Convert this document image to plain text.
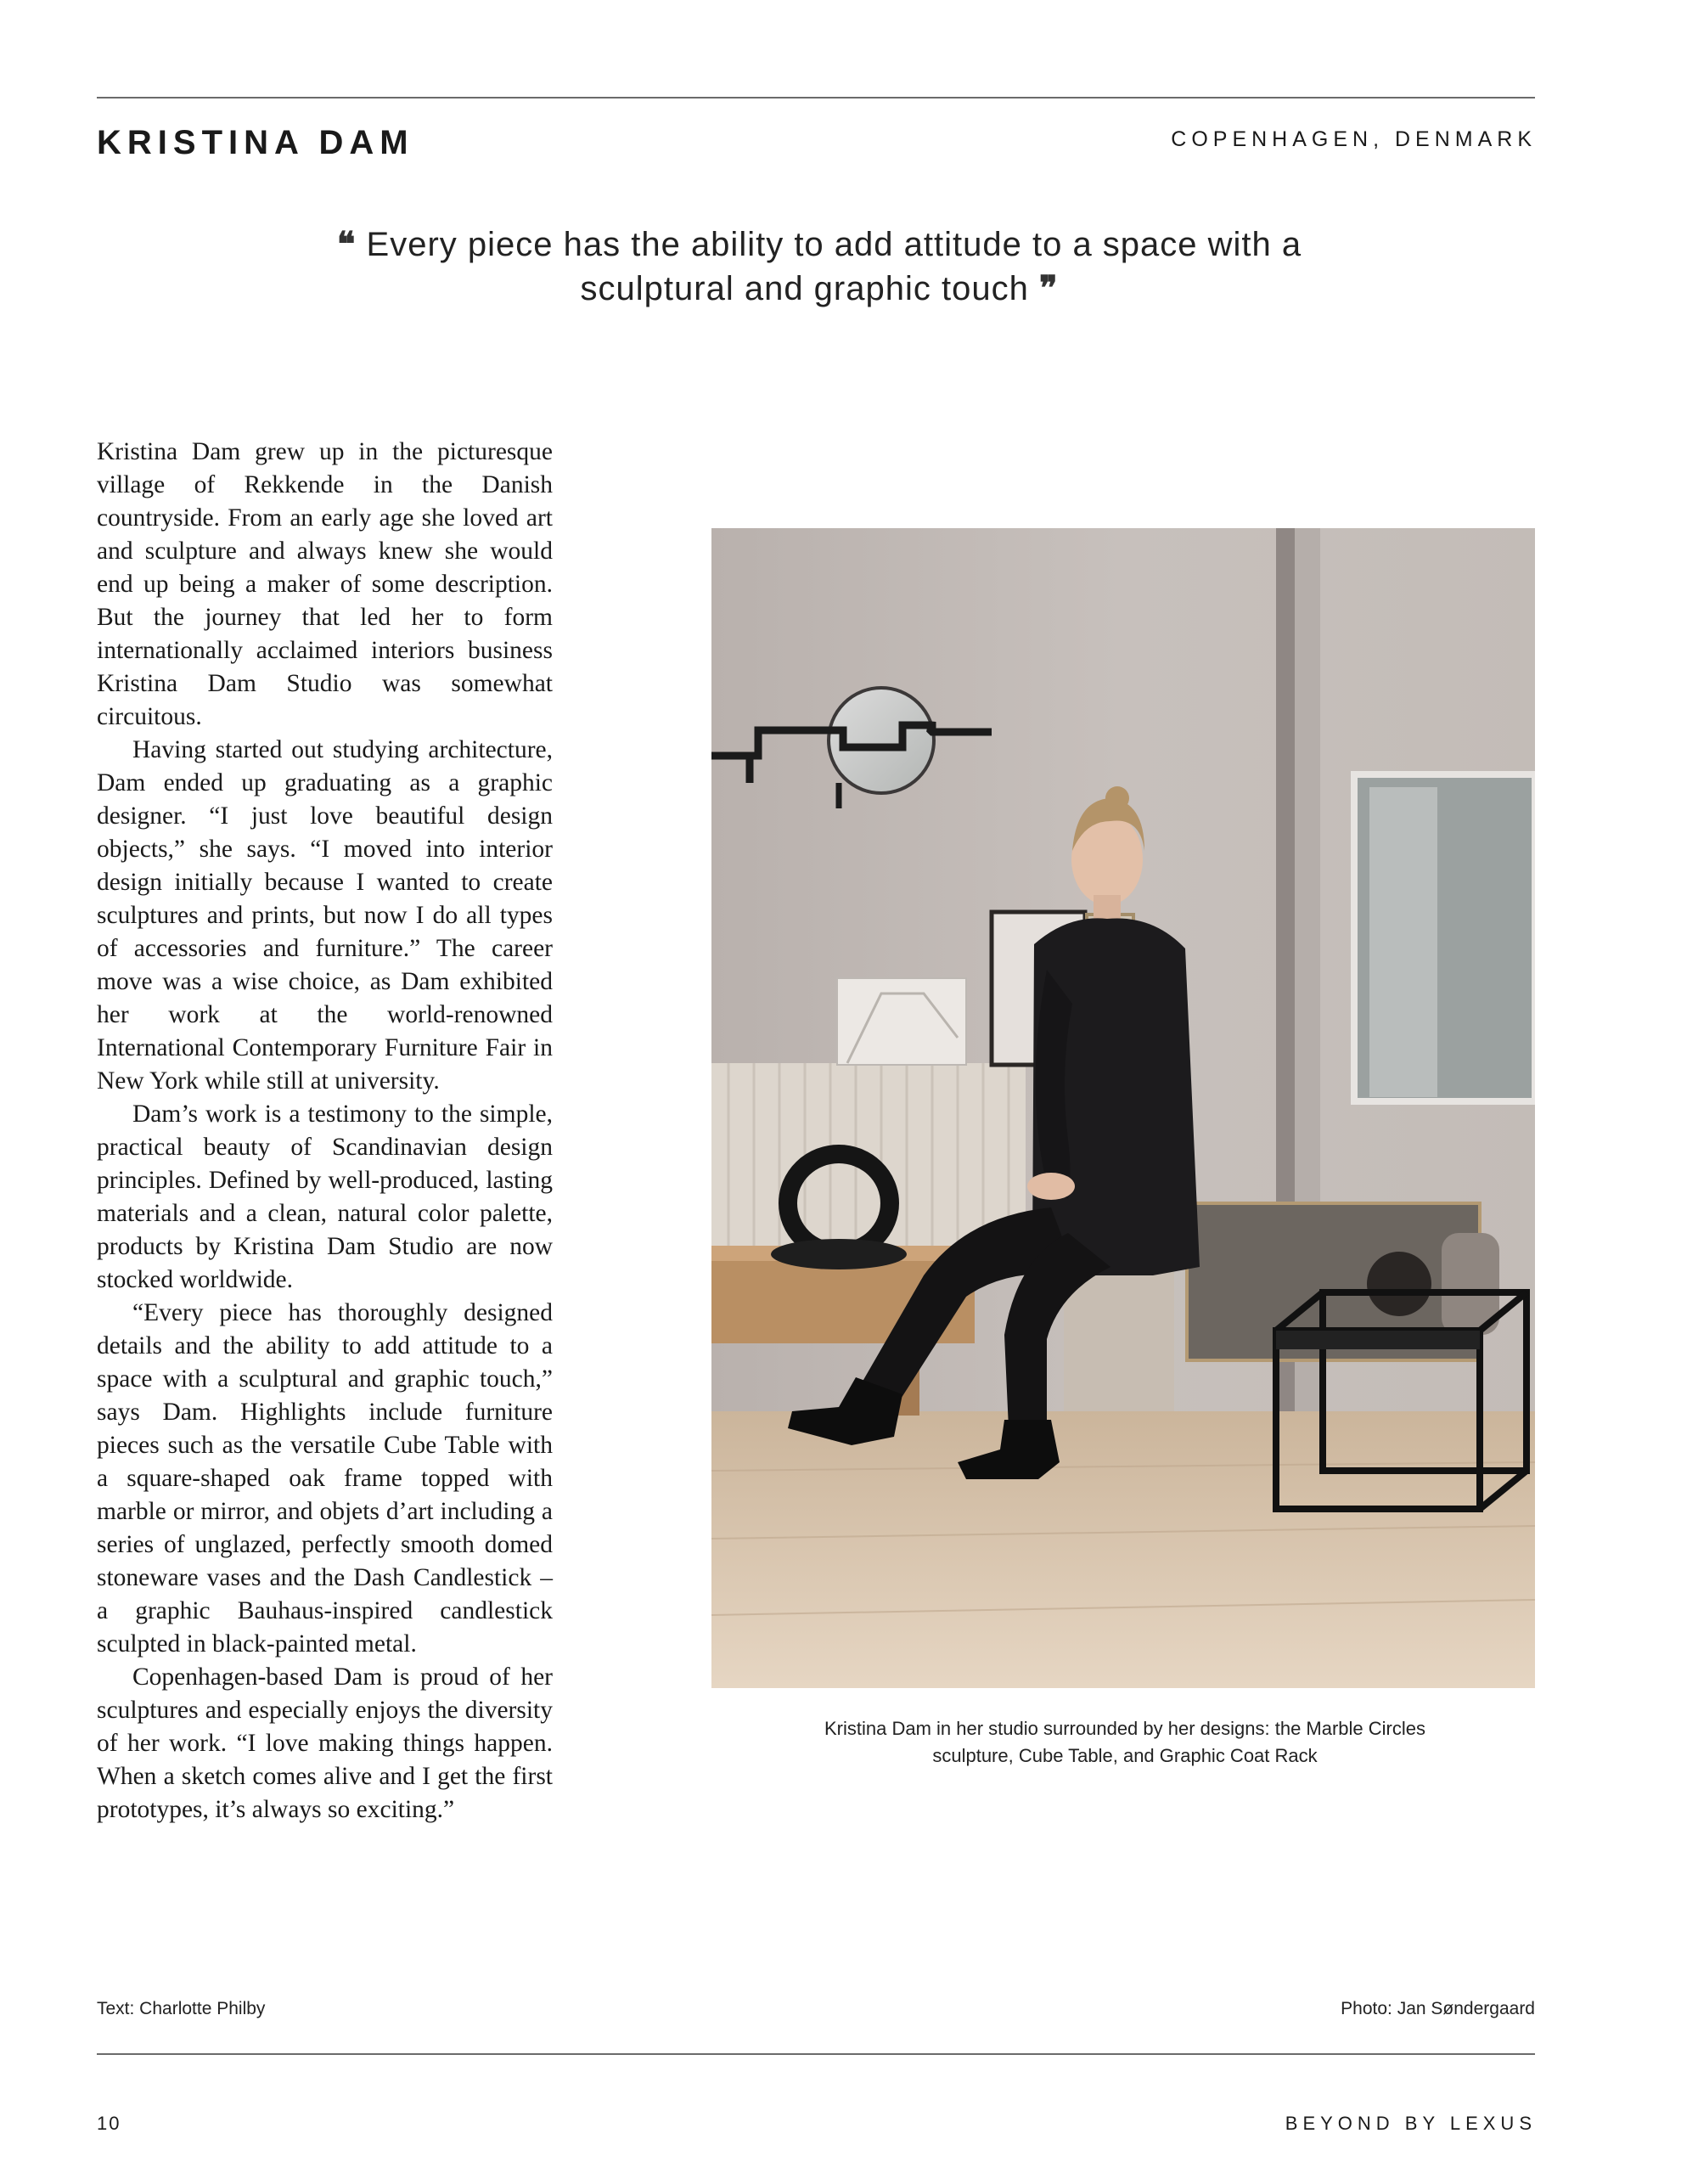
KRISTINA DAM	COPENHAGEN, DENMARK
❝ Every piece has the ability to add attitude to a space with a
sculptural and graphic touch ❞

Kristina Dam grew up in the picturesque village of Rekkende in the Danish countryside. From an early age she loved art and sculpture and always knew she would end up being a maker of some description. But the journey that led her to form internationally acclaimed interiors business Kristina Dam Studio was somewhat circuitous.

Having started out studying architecture, Dam ended up graduating as a graphic designer. “I just love beautiful design objects,” she says. “I moved into interior design initially because I wanted to create sculptures and prints, but now I do all types of accessories and furniture.” The career move was a wise choice, as Dam exhibited her work at the world-renowned International Contemporary Furniture Fair in New York while still at university.

Dam’s work is a testimony to the simple, practical beauty of Scandinavian design principles. Defined by well-produced, lasting materials and a clean, natural color palette, products by Kristina Dam Studio are now stocked worldwide.

“Every piece has thoroughly designed details and the ability to add attitude to a space with a sculptural and graphic touch,” says Dam. Highlights include furniture pieces such as the versatile Cube Table with a square-shaped oak frame topped with marble or mirror, and objets d’art including a series of unglazed, perfectly smooth domed stoneware vases and the Dash Candlestick – a graphic Bauhaus-inspired candlestick sculpted in black-painted metal.

Copenhagen-based Dam is proud of her sculptures and especially enjoys the diversity of her work. “I love making things happen. When a sketch comes alive and I get the first prototypes, it’s always so exciting.”

Kristina Dam in her studio surrounded by her designs: the Marble Circles
sculpture, Cube Table, and Graphic Coat Rack
Text: Charlotte Philby	Photo: Jan Søndergaard
10	BEYOND BY LEXUS
